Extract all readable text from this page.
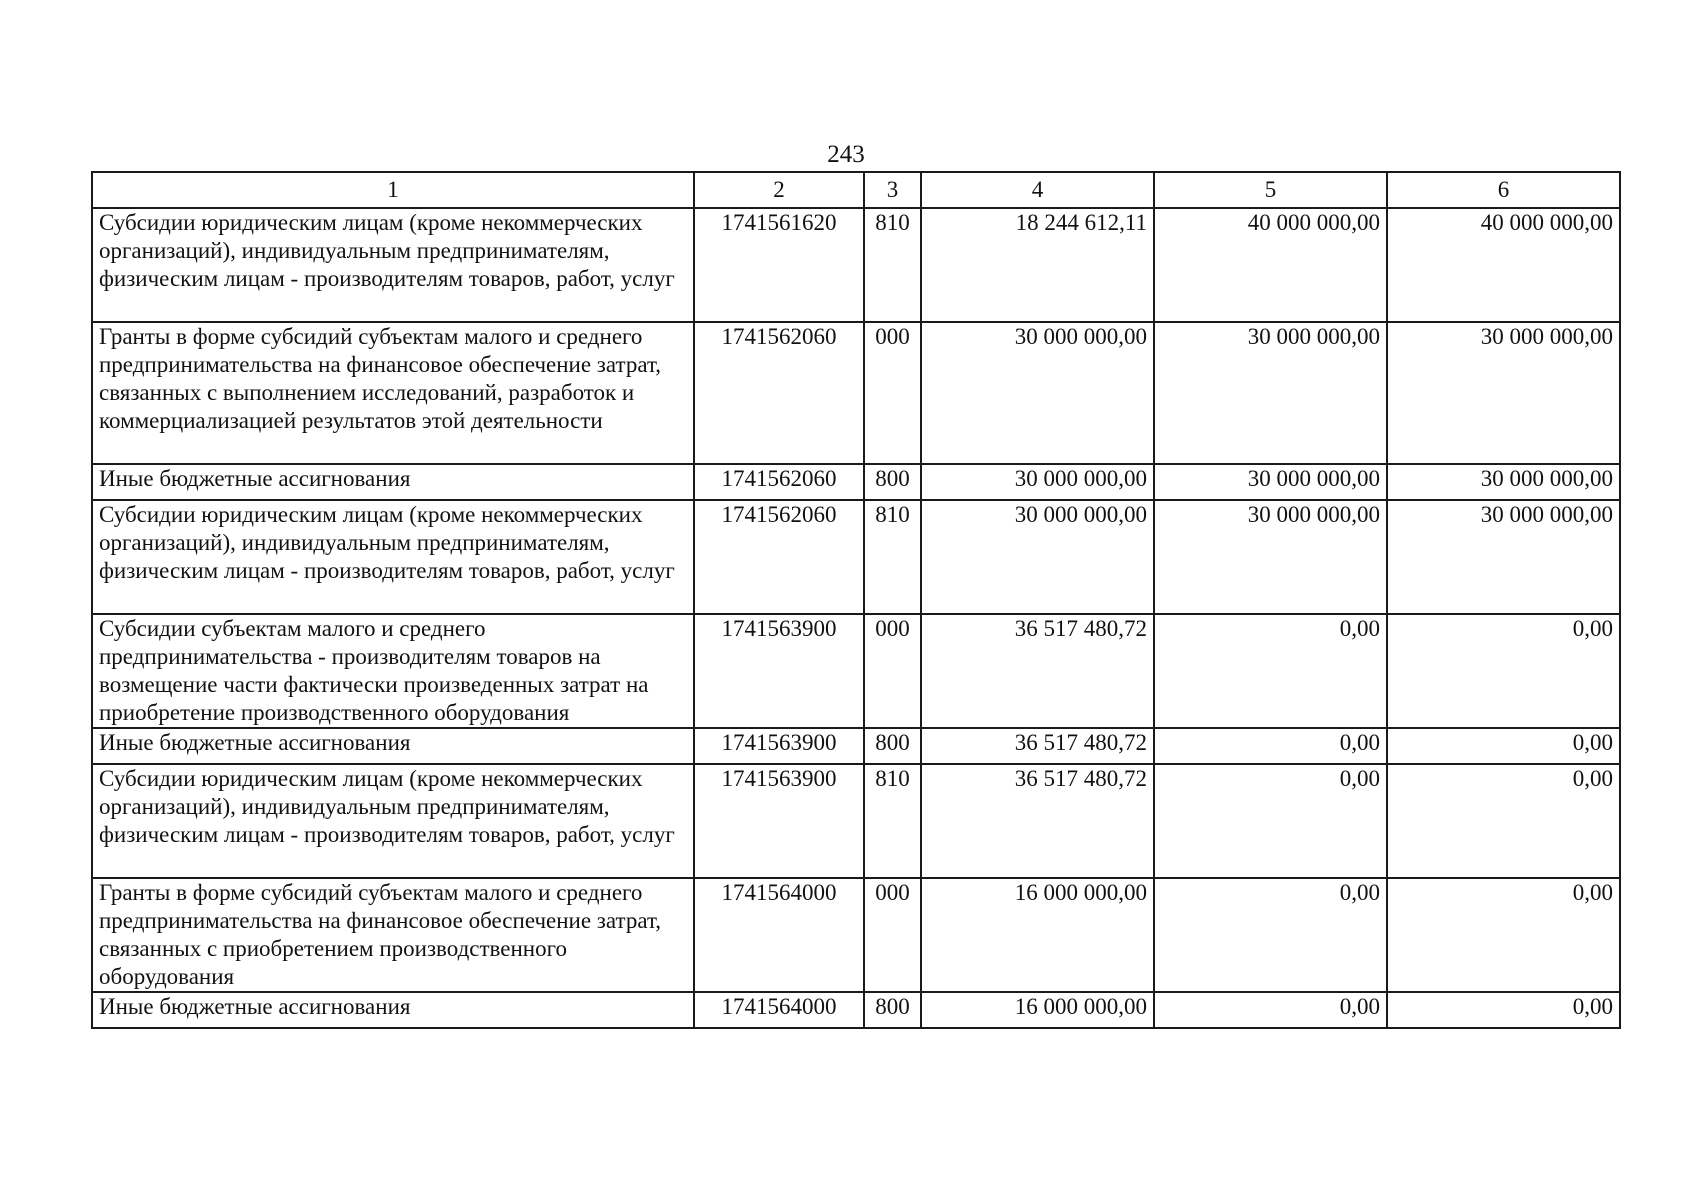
243
1	2	3	4	5	6
Субсидии юридическим лицам (кроме некоммерческих организаций), индивидуальным предпринимателям, физическим лицам - производителям товаров, работ, услуг	1741561620	810	18 244 612,11	40 000 000,00	40 000 000,00
Гранты в форме субсидий субъектам малого и среднего предпринимательства на финансовое обеспечение затрат, связанных с выполнением исследований, разработок и коммерциализацией результатов этой деятельности	1741562060	000	30 000 000,00	30 000 000,00	30 000 000,00
Иные бюджетные ассигнования	1741562060	800	30 000 000,00	30 000 000,00	30 000 000,00
Субсидии юридическим лицам (кроме некоммерческих организаций), индивидуальным предпринимателям, физическим лицам - производителям товаров, работ, услуг	1741562060	810	30 000 000,00	30 000 000,00	30 000 000,00
Субсидии субъектам малого и среднего предпринимательства - производителям товаров на возмещение части фактически произведенных затрат на приобретение производственного оборудования	1741563900	000	36 517 480,72	0,00	0,00
Иные бюджетные ассигнования	1741563900	800	36 517 480,72	0,00	0,00
Субсидии юридическим лицам (кроме некоммерческих организаций), индивидуальным предпринимателям, физическим лицам - производителям товаров, работ, услуг	1741563900	810	36 517 480,72	0,00	0,00
Гранты в форме субсидий субъектам малого и среднего предпринимательства на финансовое обеспечение затрат, связанных с приобретением производственного оборудования	1741564000	000	16 000 000,00	0,00	0,00
Иные бюджетные ассигнования	1741564000	800	16 000 000,00	0,00	0,00
